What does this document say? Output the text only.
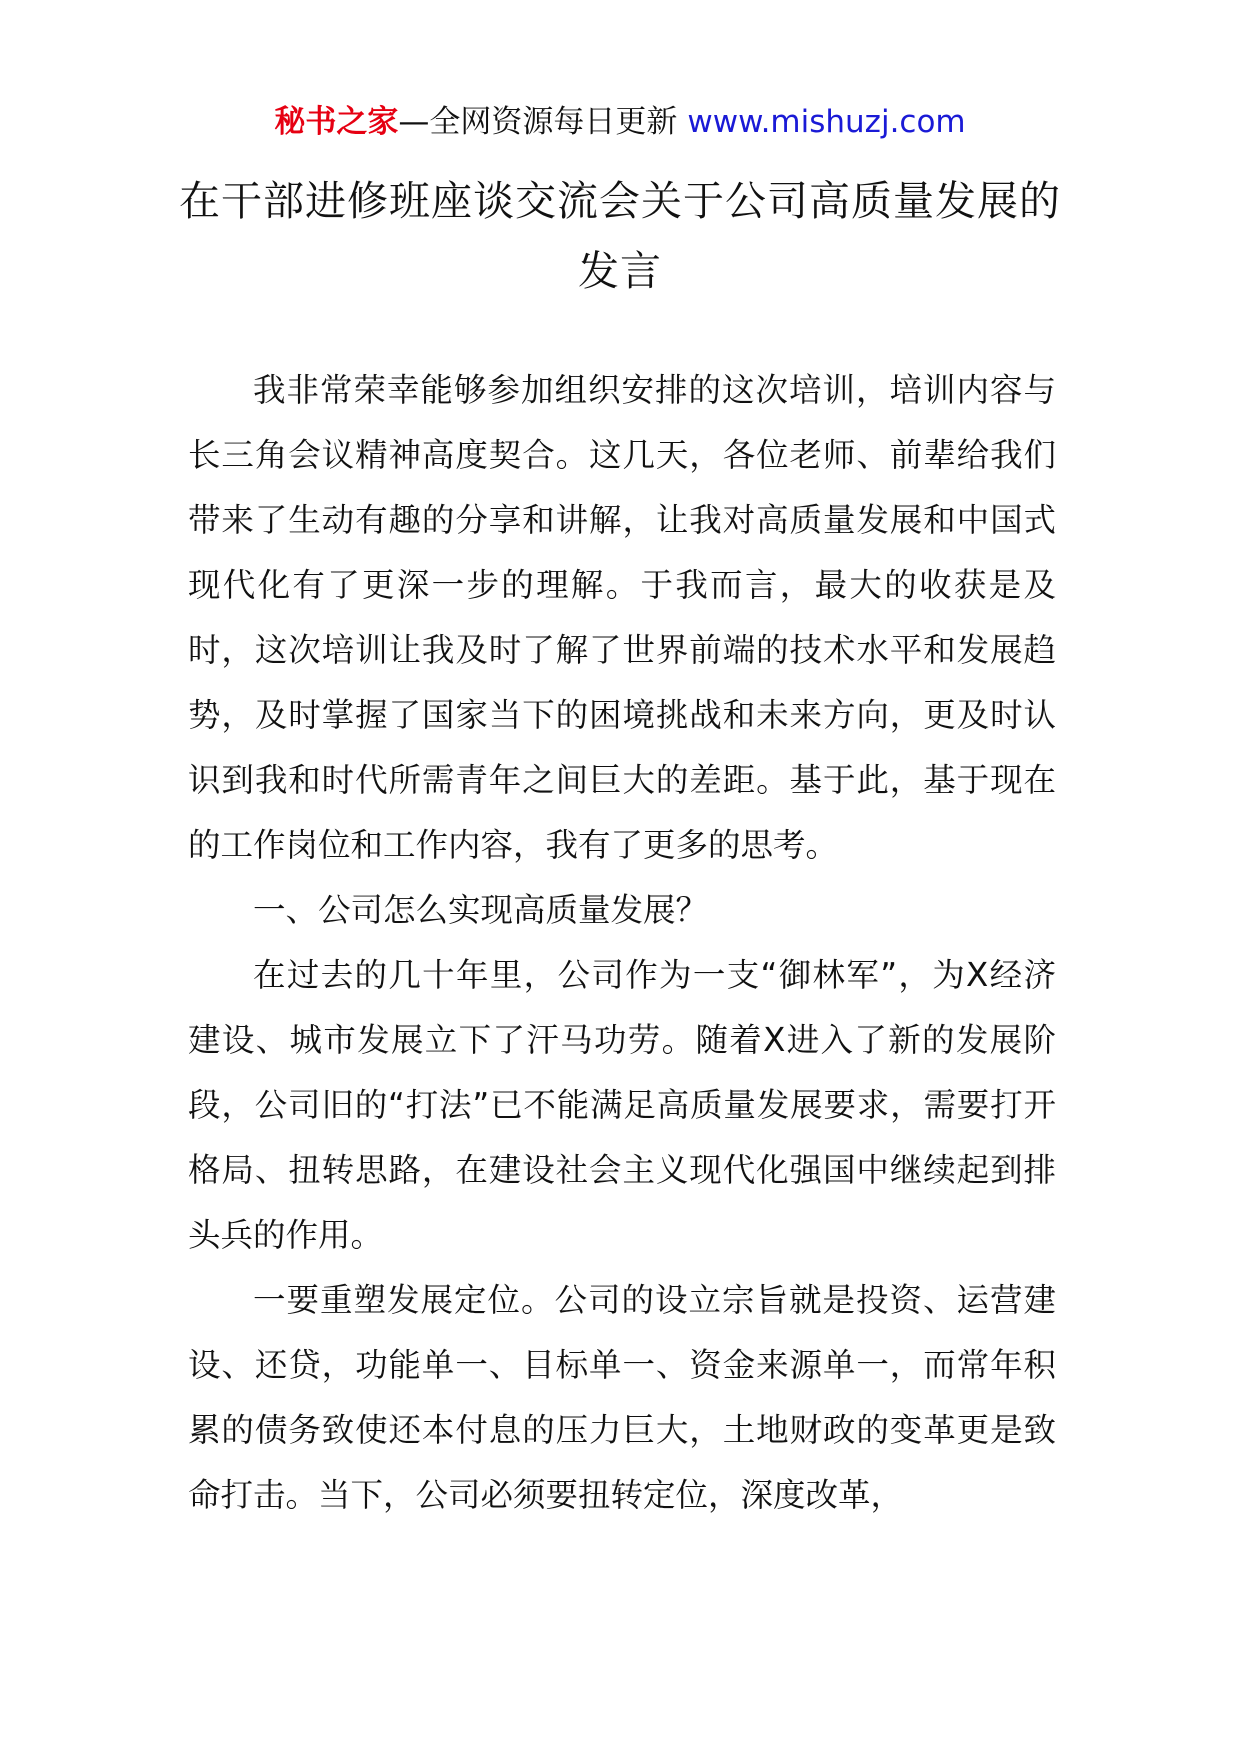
秘书之家—全网资源每日更新 www.mishuzj.com
在干部进修班座谈交流会关于公司高质量发展的发言

我非常荣幸能够参加组织安排的这次培训，培训内容与长三角会议精神高度契合。这几天，各位老师、前辈给我们带来了生动有趣的分享和讲解，让我对高质量发展和中国式现代化有了更深一步的理解。于我而言，最大的收获是及时，这次培训让我及时了解了世界前端的技术水平和发展趋势，及时掌握了国家当下的困境挑战和未来方向，更及时认识到我和时代所需青年之间巨大的差距。基于此，基于现在的工作岗位和工作内容，我有了更多的思考。

一、公司怎么实现高质量发展？

在过去的几十年里，公司作为一支“御林军”，为X经济建设、城市发展立下了汗马功劳。随着X进入了新的发展阶段，公司旧的“打法”已不能满足高质量发展要求，需要打开格局、扭转思路，在建设社会主义现代化强国中继续起到排头兵的作用。

一要重塑发展定位。公司的设立宗旨就是投资、运营建设、还贷，功能单一、目标单一、资金来源单一，而常年积累的债务致使还本付息的压力巨大，土地财政的变革更是致命打击。当下，公司必须要扭转定位，深度改革，
